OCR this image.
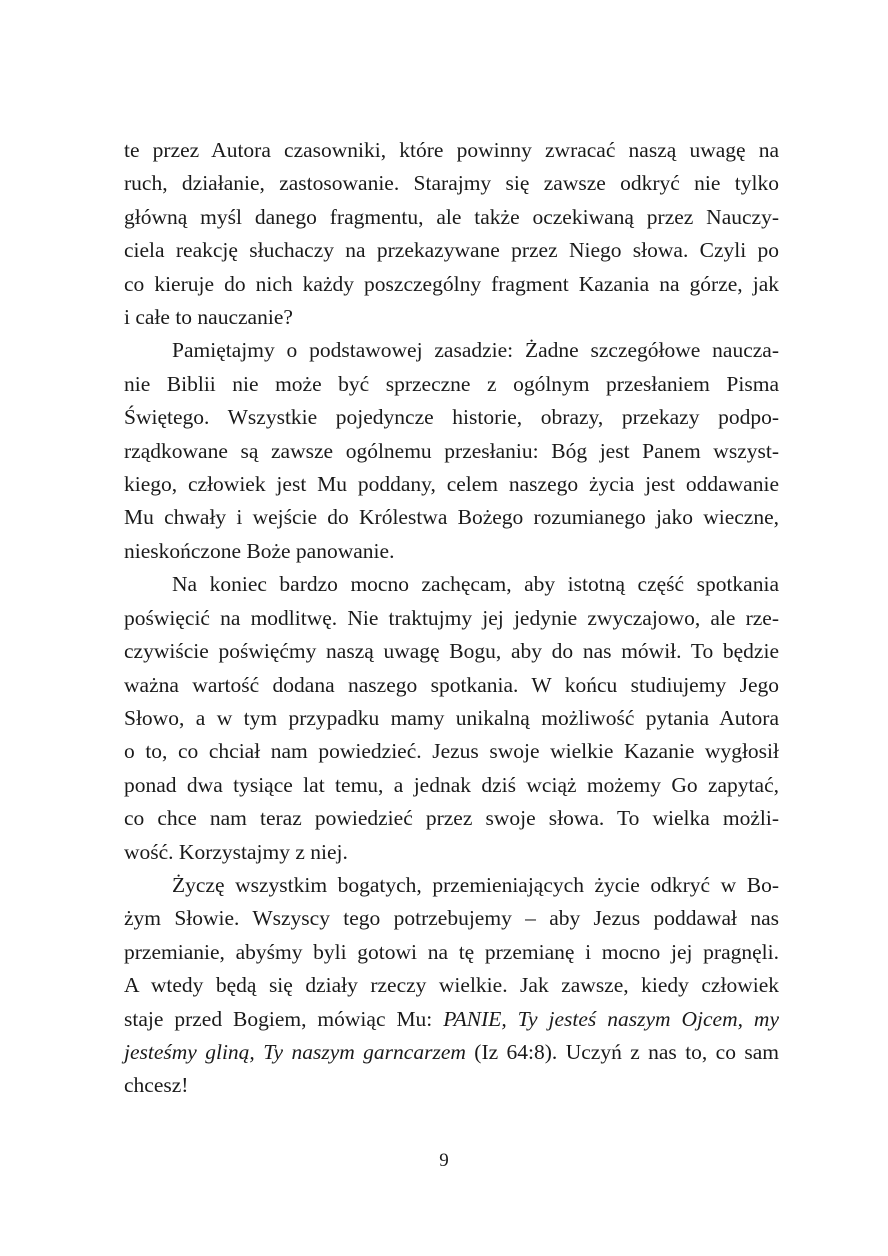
te przez Autora czasowniki, które powinny zwracać naszą uwagę na
ruch, działanie, zastosowanie. Starajmy się zawsze odkryć nie tylko
główną myśl danego fragmentu, ale także oczekiwaną przez Nauczy-
ciela reakcję słuchaczy na przekazywane przez Niego słowa. Czyli po
co kieruje do nich każdy poszczególny fragment Kazania na górze, jak
i całe to nauczanie?

Pamiętajmy o podstawowej zasadzie: Żadne szczegółowe naucza-
nie Biblii nie może być sprzeczne z ogólnym przesłaniem Pisma
Świętego. Wszystkie pojedyncze historie, obrazy, przekazy podpo-
rządkowane są zawsze ogólnemu przesłaniu: Bóg jest Panem wszyst-
kiego, człowiek jest Mu poddany, celem naszego życia jest oddawanie
Mu chwały i wejście do Królestwa Bożego rozumianego jako wieczne,
nieskończone Boże panowanie.

Na koniec bardzo mocno zachęcam, aby istotną część spotkania
poświęcić na modlitwę. Nie traktujmy jej jedynie zwyczajowo, ale rze-
czywiście poświęćmy naszą uwagę Bogu, aby do nas mówił. To będzie
ważna wartość dodana naszego spotkania. W końcu studiujemy Jego
Słowo, a w tym przypadku mamy unikalną możliwość pytania Autora
o to, co chciał nam powiedzieć. Jezus swoje wielkie Kazanie wygłosił
ponad dwa tysiące lat temu, a jednak dziś wciąż możemy Go zapytać,
co chce nam teraz powiedzieć przez swoje słowa. To wielka możli-
wość. Korzystajmy z niej.

Życzę wszystkim bogatych, przemieniających życie odkryć w Bo-
żym Słowie. Wszyscy tego potrzebujemy – aby Jezus poddawał nas
przemianie, abyśmy byli gotowi na tę przemianę i mocno jej pragnęli.
A wtedy będą się działy rzeczy wielkie. Jak zawsze, kiedy człowiek
staje przed Bogiem, mówiąc Mu: PANIE, Ty jesteś naszym Ojcem, my
jesteśmy gliną, Ty naszym garncarzem (Iz 64:8). Uczyń z nas to, co sam
chcesz!

9
